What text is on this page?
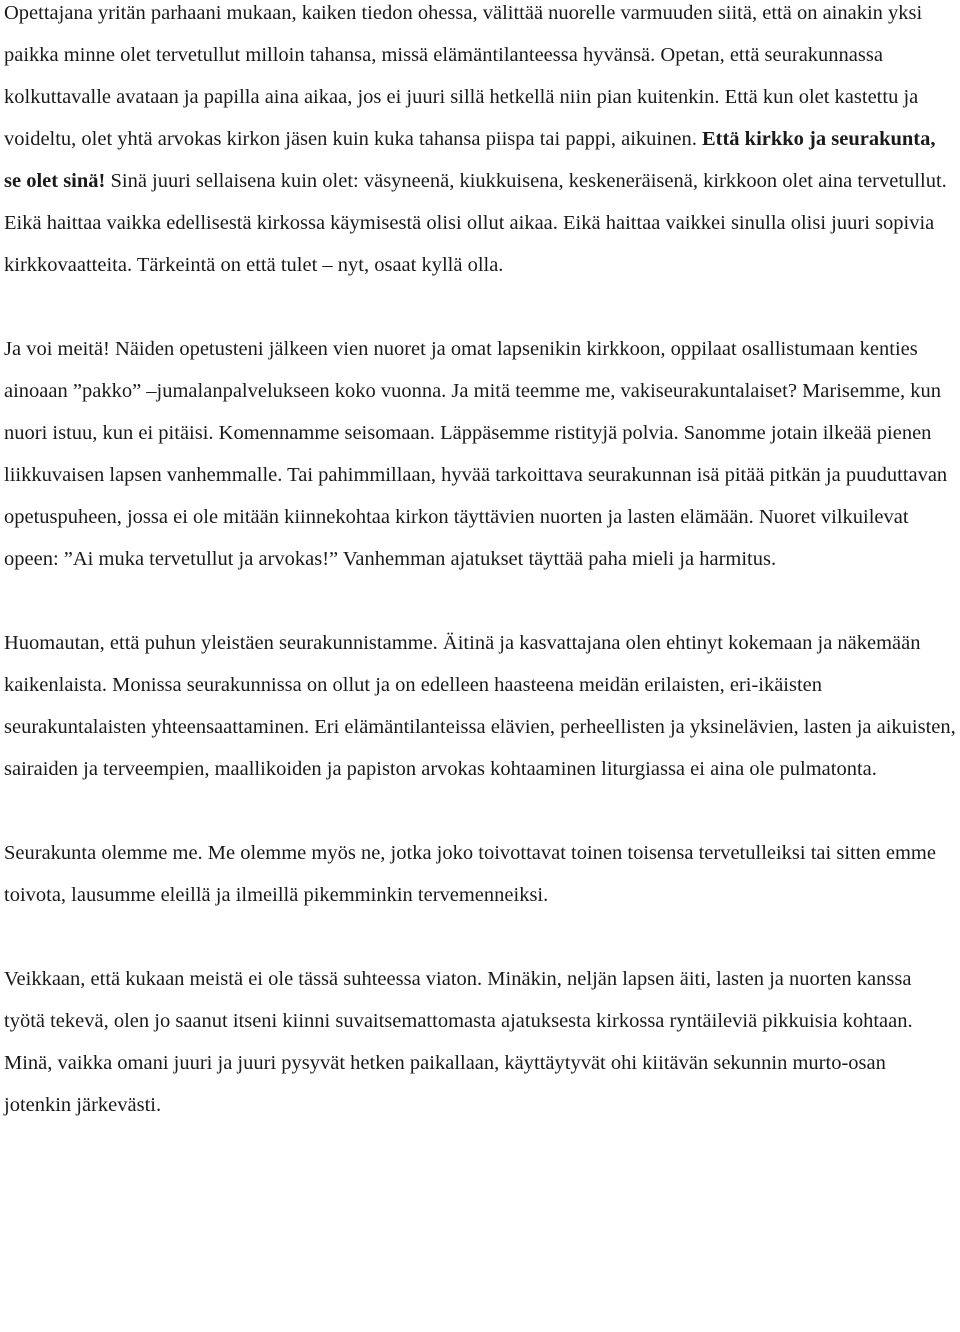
Opettajana yritän parhaani mukaan, kaiken tiedon ohessa, välittää nuorelle varmuuden siitä, että on ainakin yksi paikka minne olet tervetullut milloin tahansa, missä elämäntilanteessa hyvänsä. Opetan, että seurakunnassa kolkuttavalle avataan ja papilla aina aikaa, jos ei juuri sillä hetkellä niin pian kuitenkin. Että kun olet kastettu ja voideltu, olet yhtä arvokas kirkon jäsen kuin kuka tahansa piispa tai pappi, aikuinen. Että kirkko ja seurakunta, se olet sinä! Sinä juuri sellaisena kuin olet: väsyneenä, kiukkuisena, keskeneräisenä, kirkkoon olet aina tervetullut. Eikä haittaa vaikka edellisestä kirkossa käymisestä olisi ollut aikaa. Eikä haittaa vaikkei sinulla olisi juuri sopivia kirkkovaatteita. Tärkeintä on että tulet – nyt, osaat kyllä olla.

Ja voi meitä! Näiden opetusteni jälkeen vien nuoret ja omat lapsenikin kirkkoon, oppilaat osallistumaan kenties ainoaan ”pakko” –jumalanpalvelukseen koko vuonna. Ja mitä teemme me, vakiseurakuntalaiset? Marisemme, kun nuori istuu, kun ei pitäisi. Komennamme seisomaan. Läppäsemme ristityjä polvia. Sanomme jotain ilkeää pienen liikkuvaisen lapsen vanhemmalle. Tai pahimmillaan, hyvää tarkoittava seurakunnan isä pitää pitkän ja puuduttavan opetuspuheen, jossa ei ole mitään kiinnekohtaa kirkon täyttävien nuorten ja lasten elämään. Nuoret vilkuilevat opeen: ”Ai muka tervetullut ja arvokas!” Vanhemman ajatukset täyttää paha mieli ja harmitus.

Huomautan, että puhun yleistäen seurakunnistamme. Äitinä ja kasvattajana olen ehtinyt kokemaan ja näkemään kaikenlaista. Monissa seurakunnissa on ollut ja on edelleen haasteena meidän erilaisten, eri-ikäisten seurakuntalaisten yhteensaattaminen. Eri elämäntilanteissa elävien, perheellisten ja yksinelävien, lasten ja aikuisten, sairaiden ja terveempien, maallikoiden ja papiston arvokas kohtaaminen liturgiassa ei aina ole pulmatonta.

Seurakunta olemme me. Me olemme myös ne, jotka joko toivottavat toinen toisensa tervetulleiksi tai sitten emme toivota, lausumme eleillä ja ilmeillä pikemminkin tervemenneiksi.

Veikkaan, että kukaan meistä ei ole tässä suhteessa viaton. Minäkin, neljän lapsen äiti, lasten ja nuorten kanssa työtä tekevä, olen jo saanut itseni kiinni suvaitsemattomasta ajatuksesta kirkossa ryntäileviä pikkuisia kohtaan. Minä, vaikka omani juuri ja juuri pysyvät hetken paikallaan, käyttäytyvät ohi kiitävän sekunnin murto-osan jotenkin järkevästi.
